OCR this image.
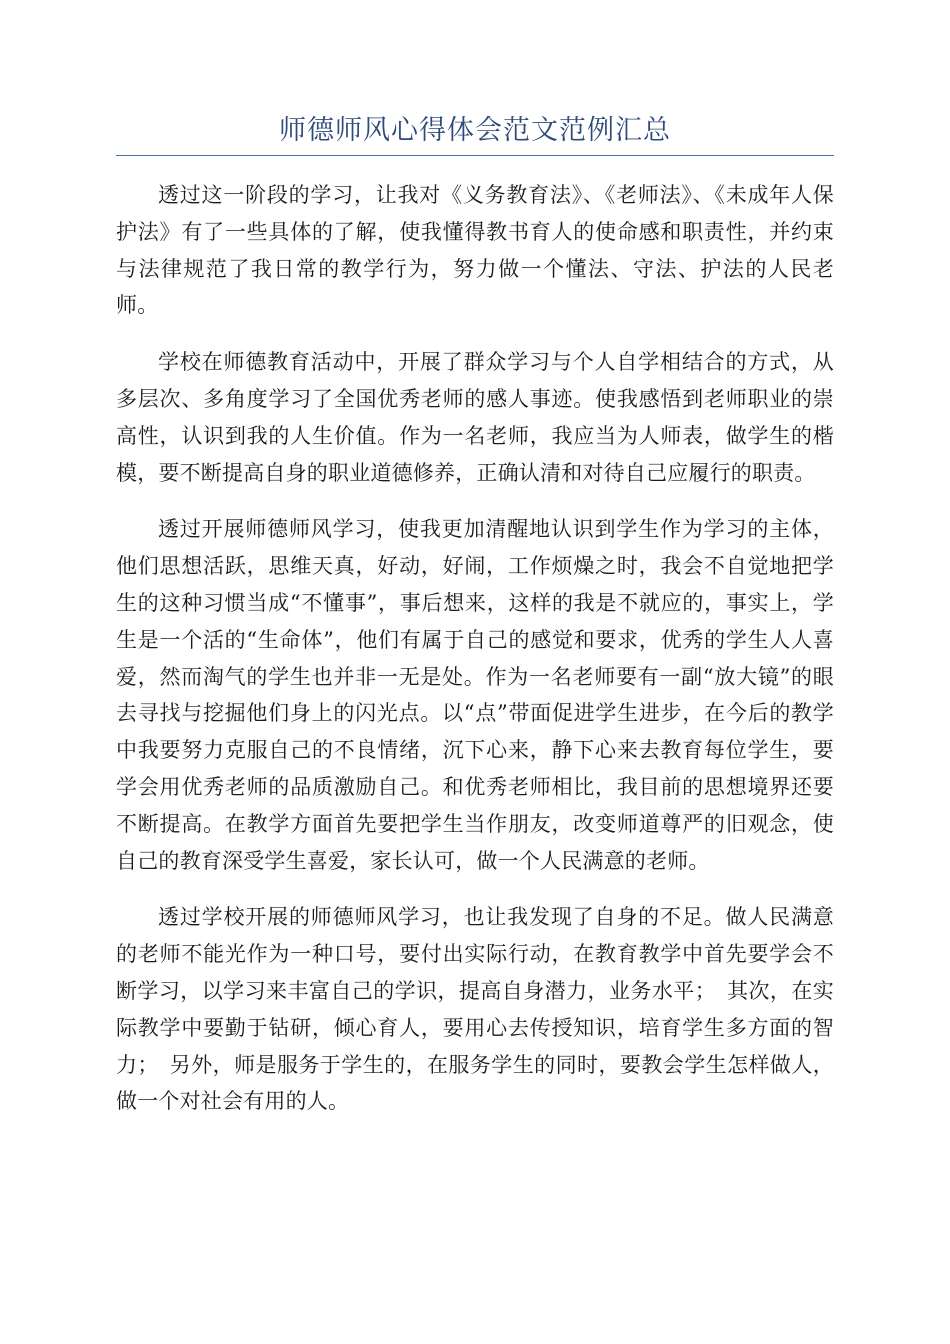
师德师风心得体会范文范例汇总

透过这一阶段的学习，让我对《义务教育法》、《老师法》、《未成年人保护法》有了一些具体的了解，使我懂得教书育人的使命感和职责性，并约束与法律规范了我日常的教学行为，努力做一个懂法、守法、护法的人民老师。

学校在师德教育活动中，开展了群众学习与个人自学相结合的方式，从多层次、多角度学习了全国优秀老师的感人事迹。使我感悟到老师职业的崇高性，认识到我的人生价值。作为一名老师，我应当为人师表，做学生的楷模，要不断提高自身的职业道德修养，正确认清和对待自己应履行的职责。

透过开展师德师风学习，使我更加清醒地认识到学生作为学习的主体，他们思想活跃，思维天真，好动，好闹，工作烦燥之时，我会不自觉地把学生的这种习惯当成“不懂事”，事后想来，这样的我是不就应的，事实上，学生是一个活的“生命体”，他们有属于自己的感觉和要求，优秀的学生人人喜爱，然而淘气的学生也并非一无是处。作为一名老师要有一副“放大镜”的眼去寻找与挖掘他们身上的闪光点。以“点”带面促进学生进步，在今后的教学中我要努力克服自己的不良情绪，沉下心来，静下心来去教育每位学生，要学会用优秀老师的品质激励自己。和优秀老师相比，我目前的思想境界还要不断提高。在教学方面首先要把学生当作朋友，改变师道尊严的旧观念，使自己的教育深受学生喜爱，家长认可，做一个人民满意的老师。

透过学校开展的师德师风学习，也让我发现了自身的不足。做人民满意的老师不能光作为一种口号，要付出实际行动，在教育教学中首先要学会不断学习，以学习来丰富自己的学识，提高自身潜力，业务水平；　其次，在实际教学中要勤于钻研，倾心育人，要用心去传授知识，培育学生多方面的智力；　另外，师是服务于学生的，在服务学生的同时，要教会学生怎样做人，做一个对社会有用的人。
